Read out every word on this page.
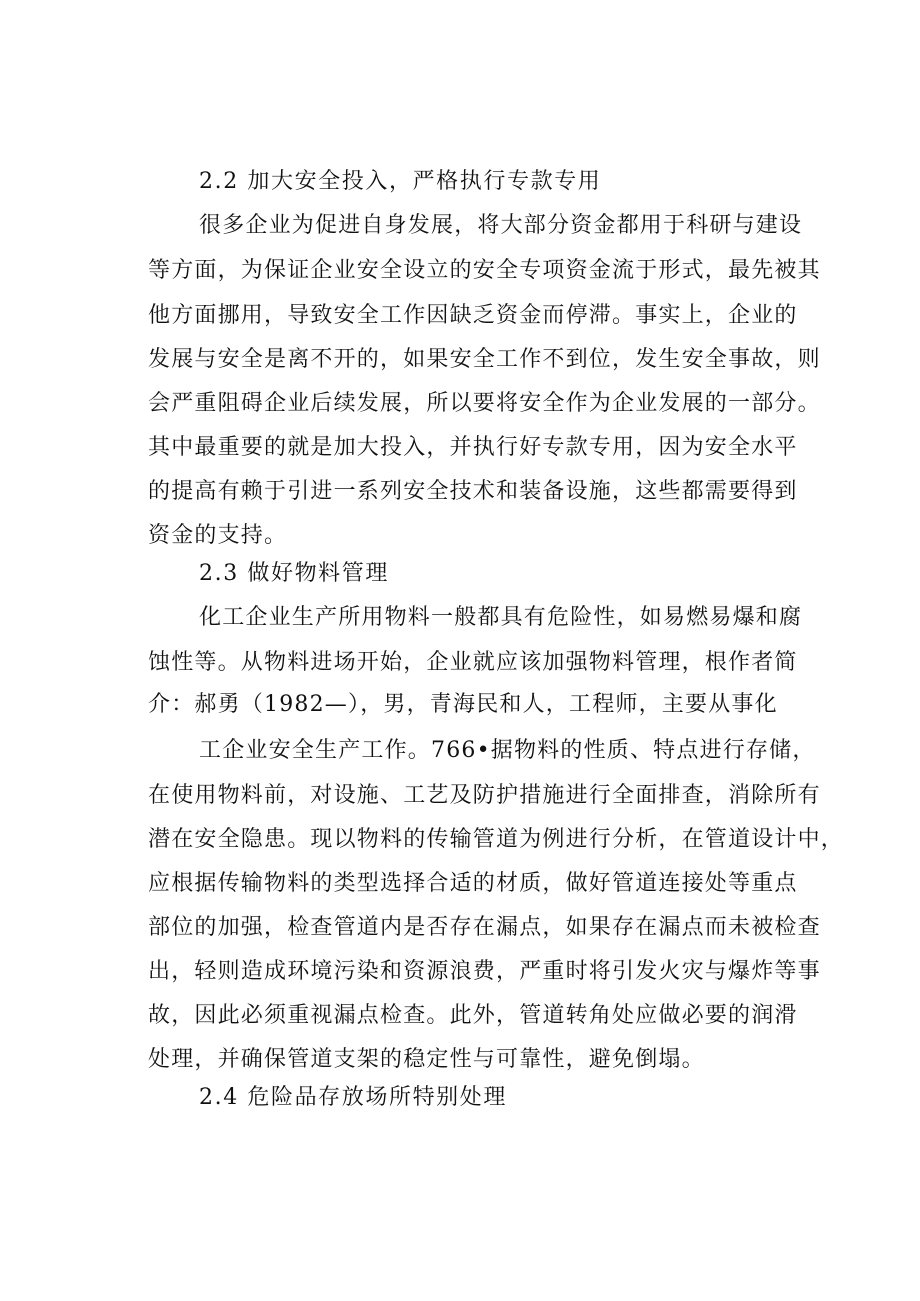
2.2 加大安全投入，严格执行专款专用
很多企业为促进自身发展，将大部分资金都用于科研与建设
等方面，为保证企业安全设立的安全专项资金流于形式，最先被其
他方面挪用，导致安全工作因缺乏资金而停滞。事实上，企业的
发展与安全是离不开的，如果安全工作不到位，发生安全事故，则
会严重阻碍企业后续发展，所以要将安全作为企业发展的一部分。
其中最重要的就是加大投入，并执行好专款专用，因为安全水平
的提高有赖于引进一系列安全技术和装备设施，这些都需要得到
资金的支持。
2.3 做好物料管理
化工企业生产所用物料一般都具有危险性，如易燃易爆和腐
蚀性等。从物料进场开始，企业就应该加强物料管理，根作者简
介：郝勇（1982—），男，青海民和人，工程师，主要从事化
工企业安全生产工作。766•据物料的性质、特点进行存储，
在使用物料前，对设施、工艺及防护措施进行全面排查，消除所有
潜在安全隐患。现以物料的传输管道为例进行分析，在管道设计中，
应根据传输物料的类型选择合适的材质，做好管道连接处等重点
部位的加强，检查管道内是否存在漏点，如果存在漏点而未被检查
出，轻则造成环境污染和资源浪费，严重时将引发火灾与爆炸等事
故，因此必须重视漏点检查。此外，管道转角处应做必要的润滑
处理，并确保管道支架的稳定性与可靠性，避免倒塌。
2.4 危险品存放场所特别处理
